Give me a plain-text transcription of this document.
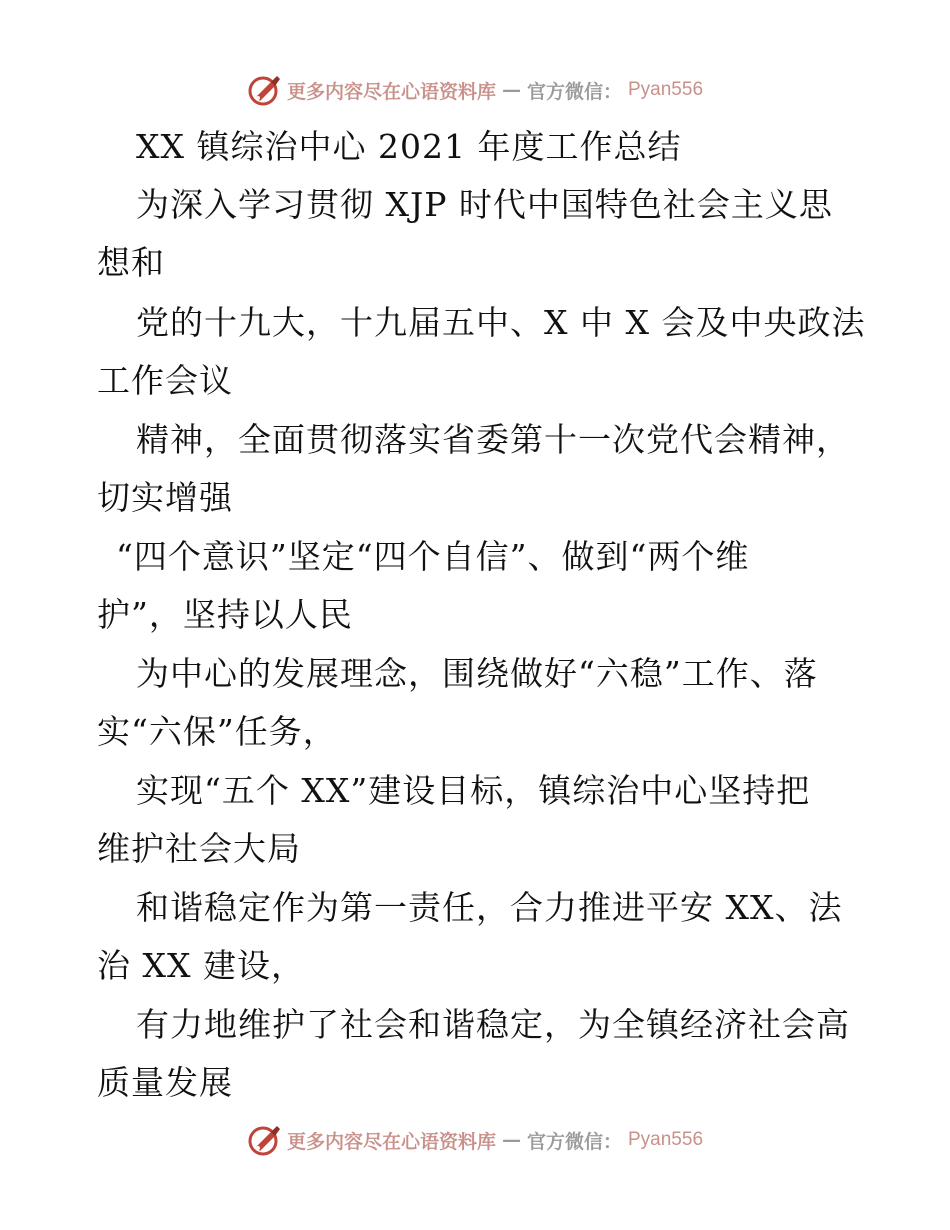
更多内容尽在心语资料库 — 官方微信： Pyan556
XX 镇综治中心 2021 年度工作总结
为深入学习贯彻 XJP 时代中国特色社会主义思
想和
党的十九大，十九届五中、X 中 X 会及中央政法
工作会议
精神，全面贯彻落实省委第十一次党代会精神，
切实增强
“四个意识”坚定“四个自信”、做到“两个维
护”，坚持以人民
为中心的发展理念，围绕做好“六稳”工作、落
实“六保”任务，
实现“五个 XX”建设目标，镇综治中心坚持把
维护社会大局
和谐稳定作为第一责任，合力推进平安 XX、法
治 XX 建设，
有力地维护了社会和谐稳定，为全镇经济社会高
质量发展
更多内容尽在心语资料库 — 官方微信： Pyan556
